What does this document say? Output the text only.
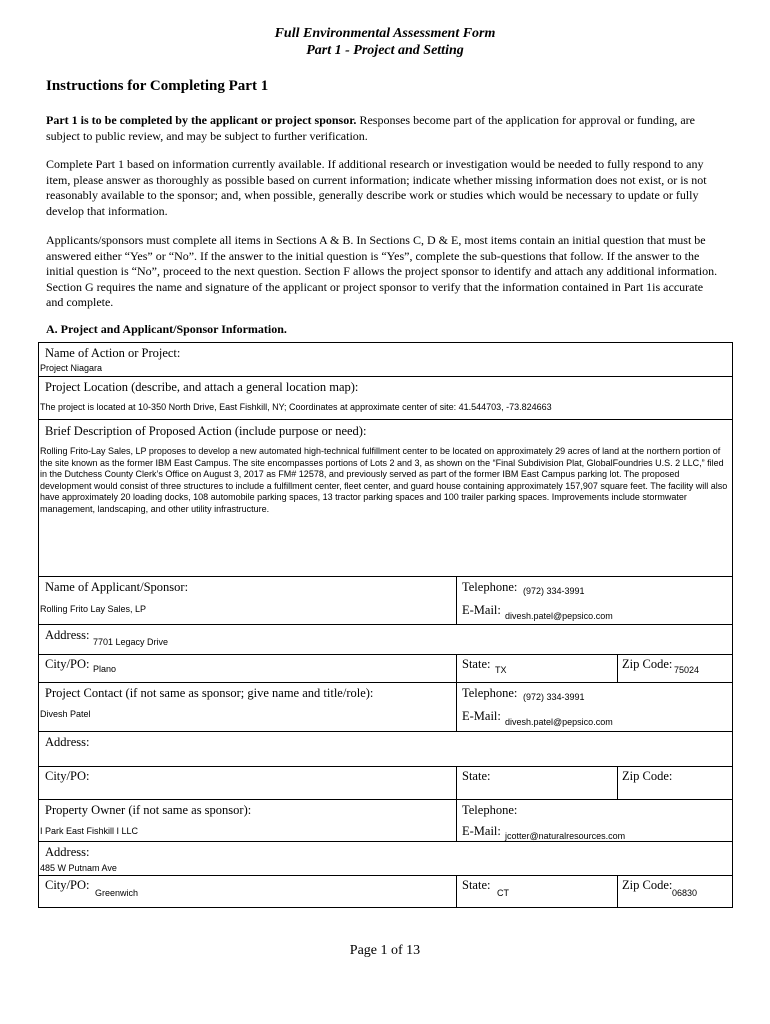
Full Environmental Assessment Form
Part 1 - Project and Setting
Instructions for Completing Part 1
Part 1 is to be completed by the applicant or project sponsor. Responses become part of the application for approval or funding, are subject to public review, and may be subject to further verification.
Complete Part 1 based on information currently available. If additional research or investigation would be needed to fully respond to any item, please answer as thoroughly as possible based on current information; indicate whether missing information does not exist, or is not reasonably available to the sponsor; and, when possible, generally describe work or studies which would be necessary to update or fully develop that information.
Applicants/sponsors must complete all items in Sections A & B. In Sections C, D & E, most items contain an initial question that must be answered either “Yes” or “No”. If the answer to the initial question is “Yes”, complete the sub-questions that follow. If the answer to the initial question is “No”, proceed to the next question. Section F allows the project sponsor to identify and attach any additional information. Section G requires the name and signature of the applicant or project sponsor to verify that the information contained in Part 1is accurate and complete.
A. Project and Applicant/Sponsor Information.
Name of Action or Project:
Project Niagara
Project Location (describe, and attach a general location map):
The project is located at 10-350 North Drive, East Fishkill, NY; Coordinates at approximate center of site: 41.544703, -73.824663
Brief Description of Proposed Action (include purpose or need):
Rolling Frito-Lay Sales, LP proposes to develop a new automated high-technical fulfillment center to be located on approximately 29 acres of land at the northern portion of the site known as the former IBM East Campus. The site encompasses portions of Lots 2 and 3, as shown on the “Final Subdivision Plat, GlobalFoundries U.S. 2 LLC,” filed in the Dutchess County Clerk’s Office on August 3, 2017 as FM# 12578, and previously served as part of the former IBM East Campus parking lot. The proposed development would consist of three structures to include a fulfillment center, fleet center, and guard house containing approximately 157,907 square feet. The facility will also have approximately 20 loading docks, 108 automobile parking spaces, 13 tractor parking spaces and 100 trailer parking spaces. Improvements include stormwater management, landscaping, and other utility infrastructure.
Name of Applicant/Sponsor:
Rolling Frito Lay Sales, LP
Telephone: (972) 334-3991
E-Mail: divesh.patel@pepsico.com
Address: 7701 Legacy Drive
City/PO: Plano	State: TX	Zip Code: 75024
Project Contact (if not same as sponsor; give name and title/role):
Divesh Patel
Telephone: (972) 334-3991
E-Mail: divesh.patel@pepsico.com
Address:
City/PO:	State:	Zip Code:
Property Owner (if not same as sponsor):
I Park East Fishkill I LLC
Telephone:
E-Mail: jcotter@naturalresources.com
Address:
485 W Putnam Ave
City/PO:
Greenwich
State:
CT
Zip Code:
06830
Page 1 of 13
